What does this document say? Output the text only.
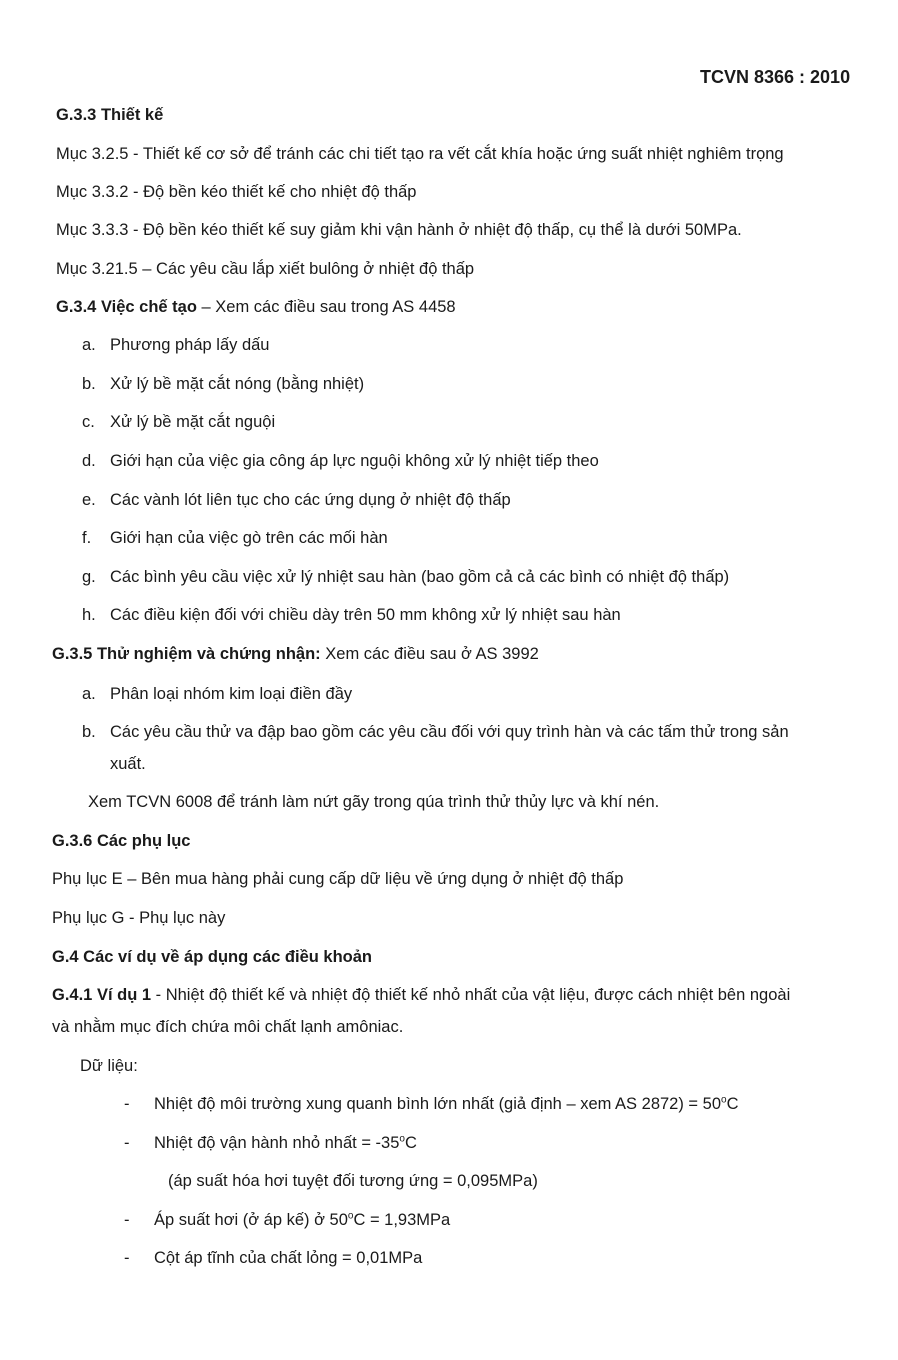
TCVN 8366 : 2010
G.3.3 Thiết kế
Mục 3.2.5 - Thiết kế cơ sở để tránh các chi tiết tạo ra vết cắt khía hoặc ứng suất nhiệt nghiêm trọng
Mục 3.3.2 - Độ bền kéo thiết kế cho nhiệt độ thấp
Mục 3.3.3 - Độ bền kéo thiết kế suy giảm khi vận hành ở nhiệt độ thấp, cụ thể là dưới 50MPa.
Mục 3.21.5 – Các yêu cầu lắp xiết bulông ở nhiệt độ thấp
G.3.4 Việc chế tạo – Xem các điều sau trong AS 4458
a. Phương pháp lấy dấu
b. Xử lý bề mặt cắt nóng (bằng nhiệt)
c. Xử lý bề mặt cắt nguội
d. Giới hạn của việc gia công áp lực nguội không xử lý nhiệt tiếp theo
e. Các vành lót liên tục cho các ứng dụng ở nhiệt độ thấp
f. Giới hạn của việc gò trên các mối hàn
g. Các bình yêu cầu việc xử lý nhiệt sau hàn (bao gồm cả cả các bình có nhiệt độ thấp)
h. Các điều kiện đối với chiều dày trên 50 mm không xử lý nhiệt sau hàn
G.3.5 Thử nghiệm và chứng nhận: Xem các điều sau ở AS 3992
a. Phân loại nhóm kim loại điền đầy
b. Các yêu cầu thử va đập bao gồm các yêu cầu đối với quy trình hàn và các tấm thử trong sản
xuất.
Xem TCVN 6008 để tránh làm nứt gãy trong qúa trình thử thủy lực và khí nén.
G.3.6 Các phụ lục
Phụ lục E – Bên mua hàng phải cung cấp dữ liệu về ứng dụng ở nhiệt độ thấp
Phụ lục G - Phụ lục này
G.4 Các ví dụ về áp dụng các điều khoản
G.4.1 Ví dụ 1 - Nhiệt độ thiết kế và nhiệt độ thiết kế nhỏ nhất của vật liệu, được cách nhiệt bên ngoài
và nhằm mục đích chứa môi chất lạnh amôniac.
Dữ liệu:
- Nhiệt độ môi trường xung quanh bình lớn nhất (giả định – xem AS $2872) = 50^oC$
- Nhiệt độ vận hành nhỏ nhất = $-35^oC$
(áp suất hóa hơi tuyệt đối tương ứng = 0,095MPa)
- Áp suất hơi (ở áp kế) ở $50^oC = 1,93MPa$
- Cột áp tĩnh của chất lỏng = 0,01MPa
